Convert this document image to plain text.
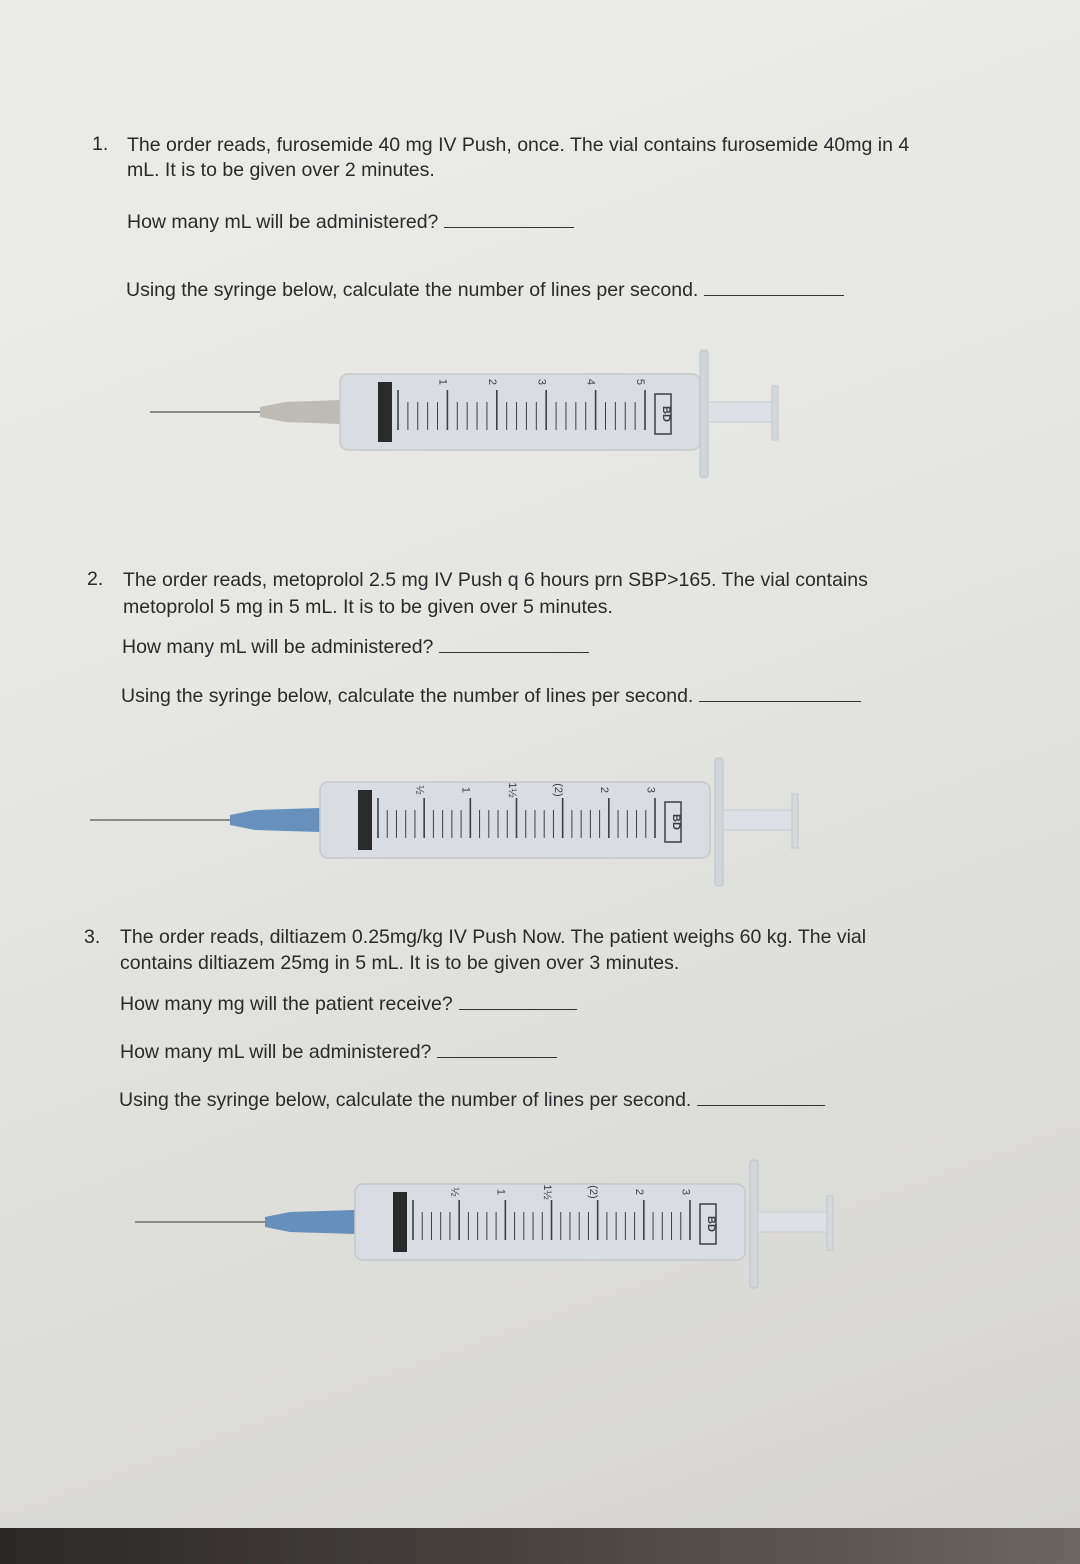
1. The order reads, furosemide 40 mg IV Push, once. The vial contains furosemide 40mg in 4
mL. It is to be given over 2 minutes.
How many mL will be administered?
Using the syringe below, calculate the number of lines per second.
1	2	3	4	5
BD
2. The order reads, metoprolol 2.5 mg IV Push q 6 hours prn SBP>165. The vial contains
metoprolol 5 mg in 5 mL. It is to be given over 5 minutes.
How many mL will be administered?
Using the syringe below, calculate the number of lines per second.
½	1	1½	(2)	2	3
BD
3. The order reads, diltiazem 0.25mg/kg IV Push Now. The patient weighs 60 kg. The vial
contains diltiazem 25mg in 5 mL. It is to be given over 3 minutes.
How many mg will the patient receive?
How many mL will be administered?
Using the syringe below, calculate the number of lines per second.
½	1	1½	(2)	2	3
BD
